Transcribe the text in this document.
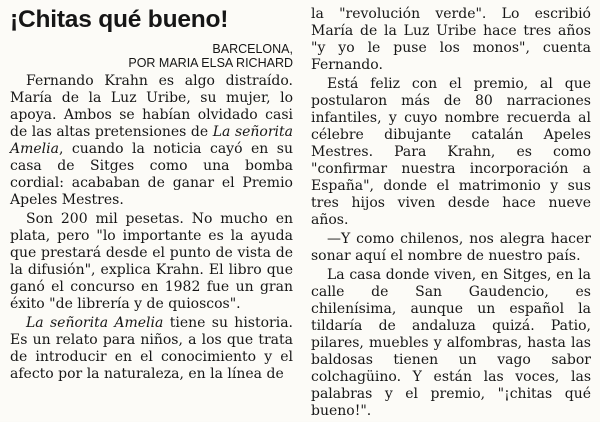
¡Chitas qué bueno!
BARCELONA,
POR MARIA ELSA RICHARD

Fernando Krahn es algo distraído. María de la Luz Uribe, su mujer, lo apoya. Ambos se habían olvidado casi de las altas pretensiones de La señorita Amelia, cuando la noticia cayó en su casa de Sitges como una bomba cordial: acababan de ganar el Premio Apeles Mestres.

Son 200 mil pesetas. No mucho en plata, pero "lo importante es la ayuda que prestará desde el punto de vista de la difusión", explica Krahn. El libro que ganó el concurso en 1982 fue un gran éxito "de librería y de quioscos".

La señorita Amelia tiene su historia. Es un relato para niños, a los que trata de introducir en el conocimiento y el afecto por la naturaleza, en la línea de

la "revolución verde". Lo escribió María de la Luz Uribe hace tres años "y yo le puse los monos", cuenta Fernando.

Está feliz con el premio, al que postularon más de 80 narraciones infantiles, y cuyo nombre recuerda al célebre dibujante catalán Apeles Mestres. Para Krahn, es como "confirmar nuestra incorporación a España", donde el matrimonio y sus tres hijos viven desde hace nueve años.

—Y como chilenos, nos alegra hacer sonar aquí el nombre de nuestro país.

La casa donde viven, en Sitges, en la calle de San Gaudencio, es chilenísima, aunque un español la tildaría de andaluza quizá. Patio, pilares, muebles y alfombras, hasta las baldosas tienen un vago sabor colchagüino. Y están las voces, las palabras y el premio, "¡chitas qué bueno!".
